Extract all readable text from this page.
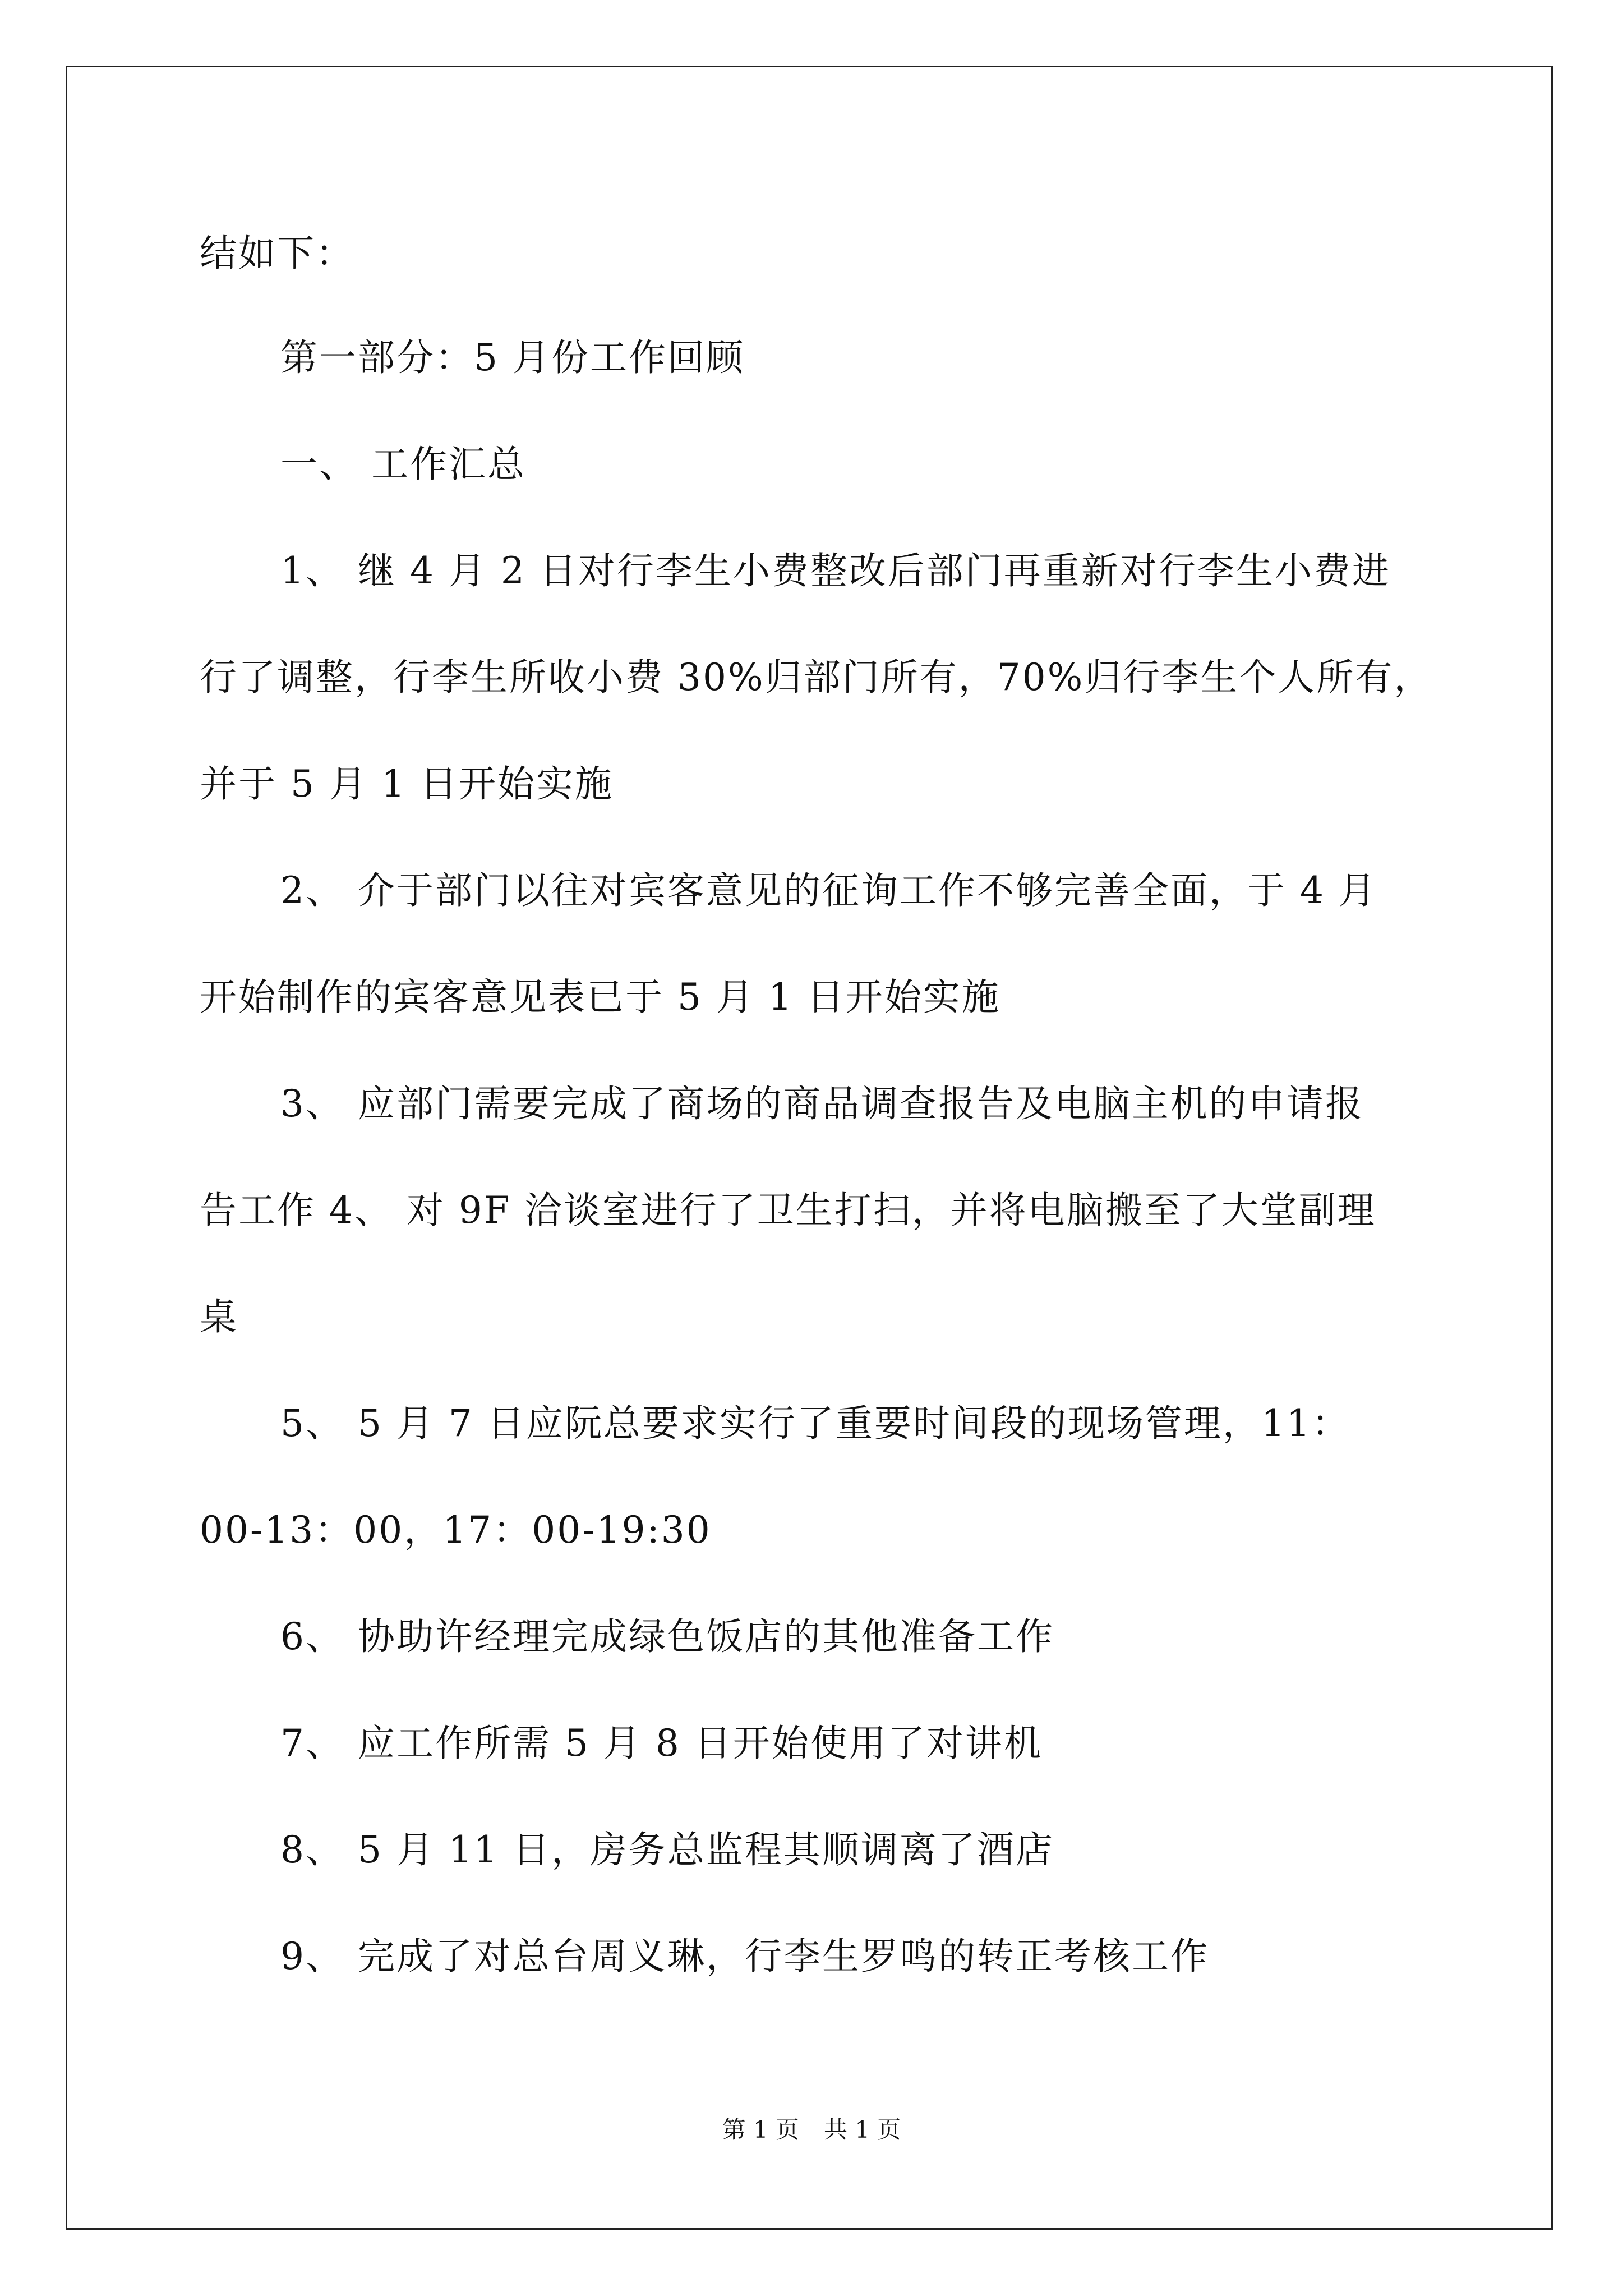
结如下：
第一部分：5 月份工作回顾
一、 工作汇总
1、 继 4 月 2 日对行李生小费整改后部门再重新对行李生小费进
行了调整，行李生所收小费 30%归部门所有，70%归行李生个人所有，
并于 5 月 1 日开始实施
2、 介于部门以往对宾客意见的征询工作不够完善全面，于 4 月
开始制作的宾客意见表已于 5 月 1 日开始实施
3、 应部门需要完成了商场的商品调查报告及电脑主机的申请报
告工作 4、 对 9F 洽谈室进行了卫生打扫，并将电脑搬至了大堂副理
桌
5、 5 月 7 日应阮总要求实行了重要时间段的现场管理，11：
00-13：00，17：00-19:30
6、 协助许经理完成绿色饭店的其他准备工作
7、 应工作所需 5 月 8 日开始使用了对讲机
8、 5 月 11 日，房务总监程其顺调离了酒店
9、 完成了对总台周义琳，行李生罗鸣的转正考核工作
第 1 页 共 1 页
